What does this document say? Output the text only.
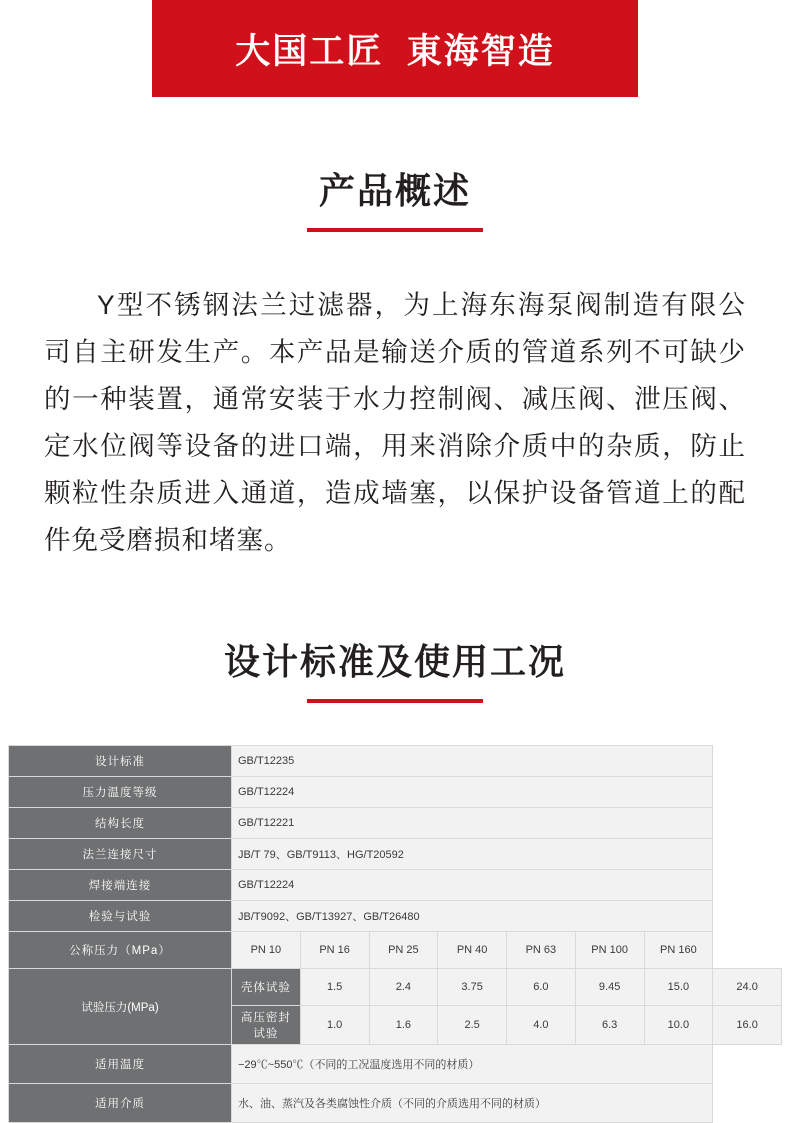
大国工匠  東海智造
产品概述
Y型不锈钢法兰过滤器，为上海东海泵阀制造有限公司自主研发生产。本产品是输送介质的管道系列不可缺少的一种装置，通常安装于水力控制阀、减压阀、泄压阀、定水位阀等设备的进口端，用来消除介质中的杂质，防止颗粒性杂质进入通道，造成墙塞，以保护设备管道上的配件免受磨损和堵塞。
设计标准及使用工况
设计标准	GB/T12235							
压力温度等级	GB/T12224							
结构长度	GB/T12221							
法兰连接尺寸	JB/T 79、GB/T9113、HG/T20592							
焊接端连接	GB/T12224							
检验与试验	JB/T9092、GB/T13927、GB/T26480							
公称压力（MPa）	PN 10	PN 16	PN 25	PN 40	PN 63	PN 100	PN 160	
试验压力(MPa)	壳体试验	1.5	2.4	3.75	6.0	9.45	15.0	24.0
	高压密封试验	1.0	1.6	2.5	4.0	6.3	10.0	16.0
适用温度	−29℃~550℃（不同的工况温度选用不同的材质）							
适用介质	水、油、蒸汽及各类腐蚀性介质（不同的介质选用不同的材质）							
